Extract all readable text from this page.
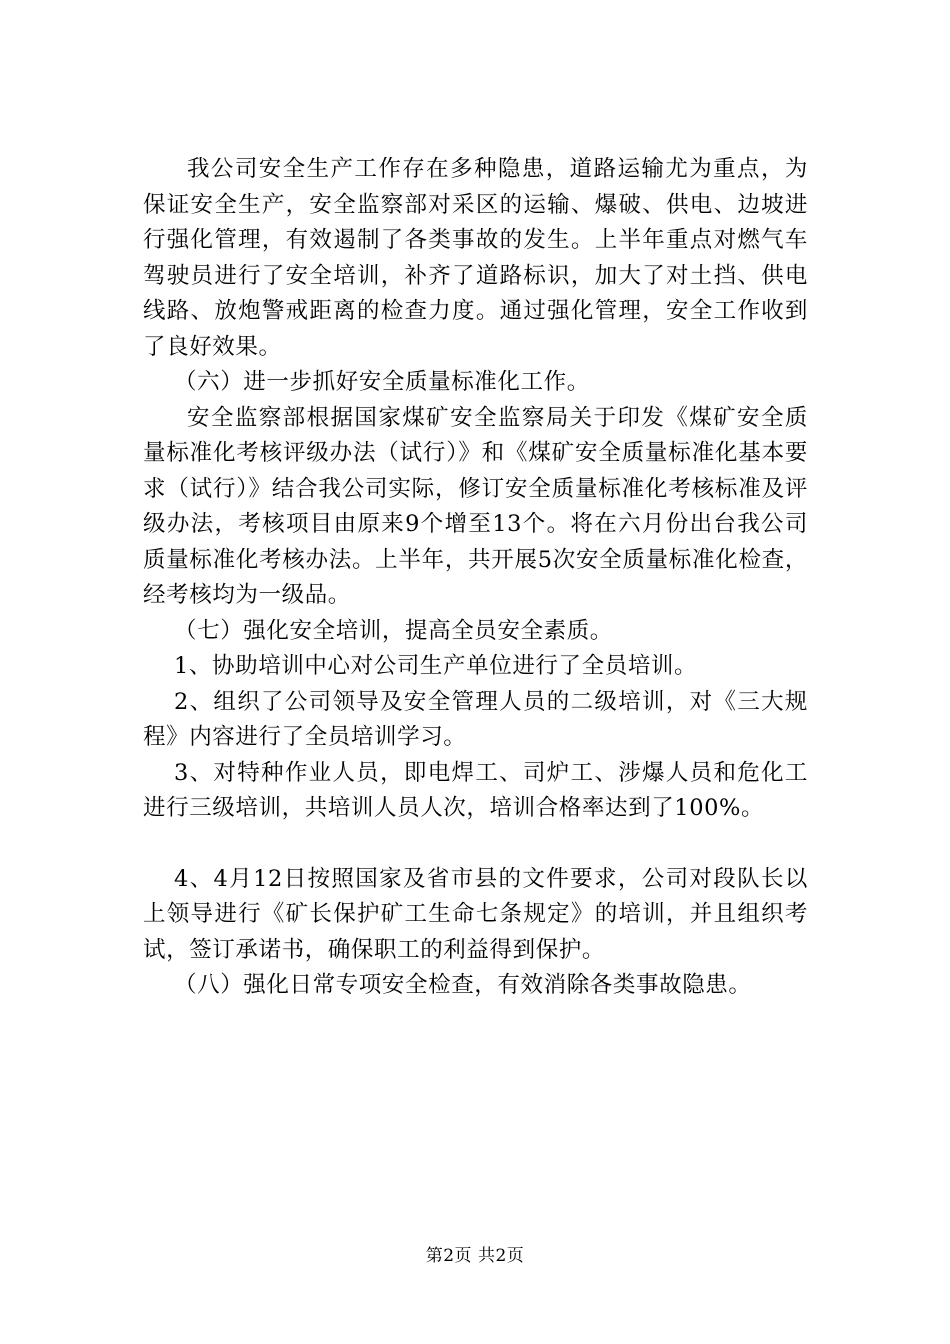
我公司安全生产工作存在多种隐患，道路运输尤为重点，为保证安全生产，安全监察部对采区的运输、爆破、供电、边坡进行强化管理，有效遏制了各类事故的发生。上半年重点对燃气车驾驶员进行了安全培训，补齐了道路标识，加大了对土挡、供电线路、放炮警戒距离的检查力度。通过强化管理，安全工作收到了良好效果。

（六）进一步抓好安全质量标准化工作。

安全监察部根据国家煤矿安全监察局关于印发《煤矿安全质量标准化考核评级办法（试行）》和《煤矿安全质量标准化基本要求（试行）》结合我公司实际，修订安全质量标准化考核标准及评级办法，考核项目由原来9个增至13个。将在六月份出台我公司质量标准化考核办法。上半年，共开展5次安全质量标准化检查，经考核均为一级品。

（七）强化安全培训，提高全员安全素质。

1、协助培训中心对公司生产单位进行了全员培训。

2、组织了公司领导及安全管理人员的二级培训，对《三大规程》内容进行了全员培训学习。

3、对特种作业人员，即电焊工、司炉工、涉爆人员和危化工进行三级培训，共培训人员人次，培训合格率达到了100%。

4、4月12日按照国家及省市县的文件要求，公司对段队长以上领导进行《矿长保护矿工生命七条规定》的培训，并且组织考试，签订承诺书，确保职工的利益得到保护。

（八）强化日常专项安全检查，有效消除各类事故隐患。

第2页 共2页
